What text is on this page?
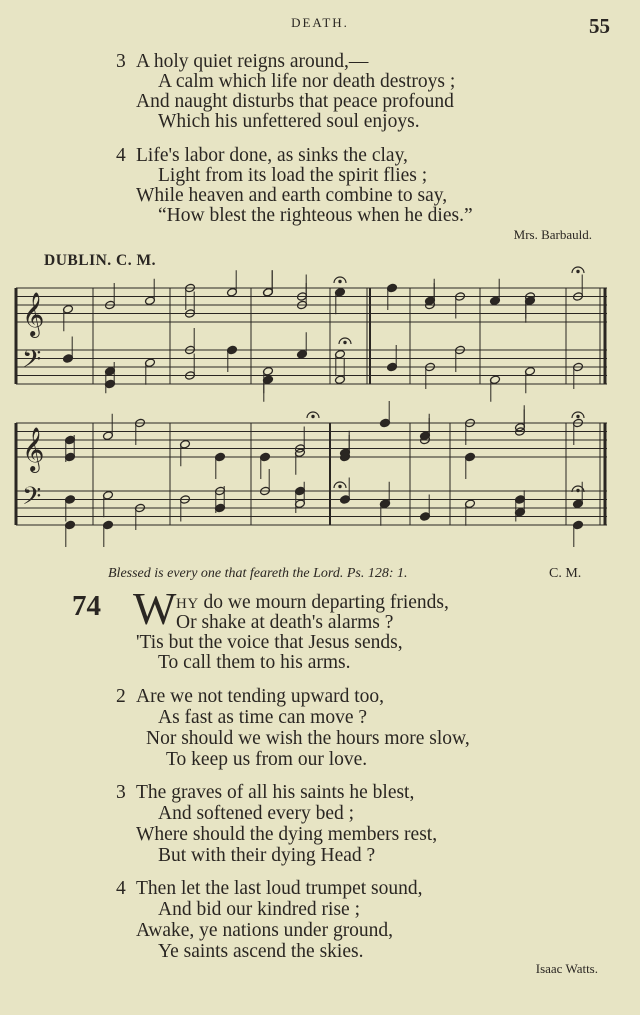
DEATH.	55
3 A holy quiet reigns around,—
A calm which life nor death destroys ;
And naught disturbs that peace profound
Which his unfettered soul enjoys.
4 Life's labor done, as sinks the clay,
Light from its load the spirit flies ;
While heaven and earth combine to say,
“How blest the righteous when he dies.”
Mrs. Barbauld.
DUBLIN. C. M.
𝄞
𝄢
𝄞
𝄢
Blessed is every one that feareth the Lord. Ps. 128: 1.	C. M.
74 W HY do we mourn departing friends,
Or shake at death's alarms ?
'Tis but the voice that Jesus sends,
To call them to his arms.
2 Are we not tending upward too,
As fast as time can move ?
Nor should we wish the hours more slow,
To keep us from our love.
3 The graves of all his saints he blest,
And softened every bed ;
Where should the dying members rest,
But with their dying Head ?
4 Then let the last loud trumpet sound,
And bid our kindred rise ;
Awake, ye nations under ground,
Ye saints ascend the skies.
Isaac Watts.
